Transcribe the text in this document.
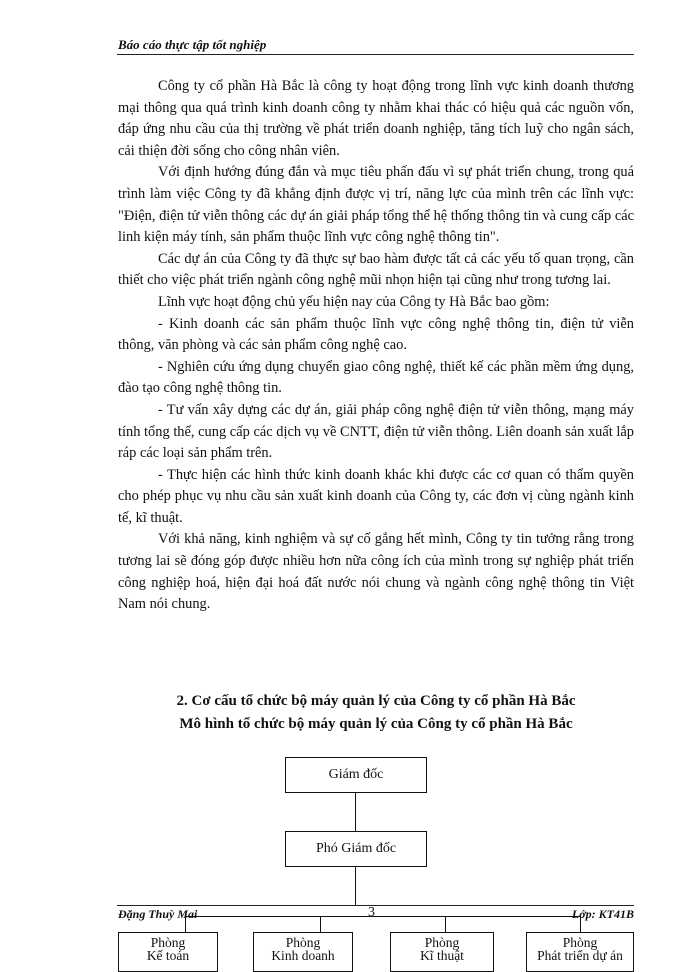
Báo cáo thực tập tốt nghiệp

Công ty cổ phần Hà Bắc là công ty hoạt động trong lĩnh vực kinh doanh thương mại thông qua quá trình kinh doanh công ty nhằm khai thác có hiệu quả các nguồn vốn, đáp ứng nhu cầu của thị trường về phát triển doanh nghiệp, tăng tích luỹ cho ngân sách, cải thiện đời sống cho công nhân viên.

Với định hướng đúng đắn và mục tiêu phấn đấu vì sự phát triển chung, trong quá trình làm việc Công ty đã khẳng định được vị trí, năng lực của mình trên các lĩnh vực: "Điện, điện tử viễn thông các dự án giải pháp tổng thể hệ thống thông tin và cung cấp các linh kiện máy tính, sản phẩm thuộc lĩnh vực công nghệ thông tin".

Các dự án của Công ty đã thực sự bao hàm được tất cả các yếu tố quan trọng, cần thiết cho việc phát triển ngành công nghệ mũi nhọn hiện tại cũng như trong tương lai.

Lĩnh vực hoạt động chủ yếu hiện nay của Công ty Hà Bắc bao gồm:

- Kinh doanh các sản phẩm thuộc lĩnh vực công nghệ thông tin, điện tử viễn thông, văn phòng và các sản phẩm công nghệ cao.

- Nghiên cứu ứng dụng chuyển giao công nghệ, thiết kế các phần mềm ứng dụng, đào tạo công nghệ thông tin.

- Tư vấn xây dựng các dự án, giải pháp công nghệ điện tử viễn thông, mạng máy tính tổng thể, cung cấp các dịch vụ về CNTT, điện tử viễn thông. Liên doanh sản xuất lắp ráp các loại sản phẩm trên.

- Thực hiện các hình thức kinh doanh khác khi được các cơ quan có thẩm quyền cho phép phục vụ nhu cầu sản xuất kinh doanh của Công ty, các đơn vị cùng ngành kinh tế, kĩ thuật.

Với khả năng, kinh nghiệm và sự cố gắng hết mình, Công ty tin tưởng rằng trong tương lai sẽ đóng góp được nhiều hơn nữa công ích của mình trong sự nghiệp phát triển công nghiệp hoá, hiện đại hoá đất nước nói chung và ngành công nghệ thông tin Việt Nam nói chung.

2. Cơ cấu tổ chức bộ máy quản lý của Công ty cổ phần Hà Bắc
Mô hình tổ chức bộ máy quản lý của Công ty cổ phần Hà Bắc
Giám đốc
Phó Giám đốc
Đặng Thuỳ Mai	3	Lớp: KT41B
Phòng
Kế toán
Phòng
Kinh doanh
Phòng
Kĩ thuật
Phòng
Phát triển dự án
